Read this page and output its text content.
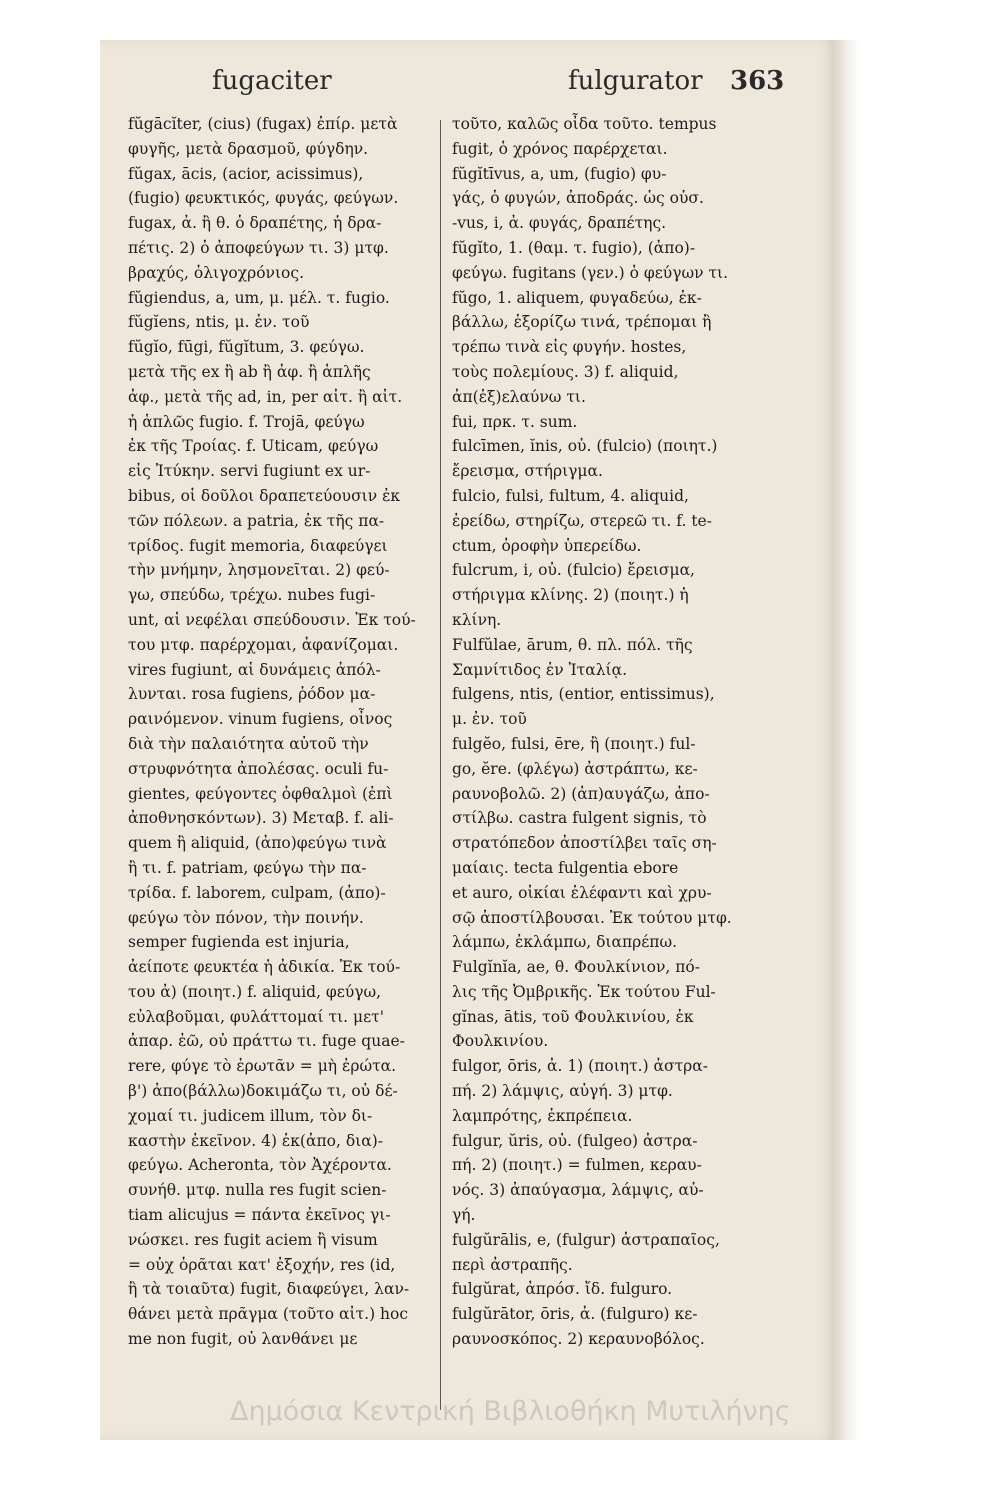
fugaciter	fulgurator 363
fŭgācĭter, (cius) (fugax) ἐπίρ. μετὰ
φυγῆς, μετὰ δρασμοῦ, φύγδην.
fŭgax, ācis, (acior, acissimus),
(fugio) φευκτικός, φυγάς, φεύγων.
fugax, ἀ. ἢ θ. ὁ δραπέτης, ἡ δρα-
πέτις. 2) ὁ ἀποφεύγων τι. 3) μτφ.
βραχύς, ὀλιγοχρόνιος.
fŭgiendus, a, um, μ. μέλ. τ. fugio.
fŭgĭens, ntis, μ. ἐν. τοῦ
fŭgĭo, fūgi, fŭgĭtum, 3. φεύγω.
μετὰ τῆς ex ἢ ab ἢ ἀφ. ἢ ἁπλῆς
ἀφ., μετὰ τῆς ad, in, per αἰτ. ἢ αἰτ.
ἡ ἁπλῶς fugio. f. Trojā, φεύγω
ἐκ τῆς Τροίας. f. Uticam, φεύγω
εἰς Ἰτύκην. servi fugiunt ex ur-
bibus, οἱ δοῦλοι δραπετεύουσιν ἐκ
τῶν πόλεων. a patria, ἐκ τῆς πα-
τρίδος. fugit memoria, διαφεύγει
τὴν μνήμην, λησμονεῖται. 2) φεύ-
γω, σπεύδω, τρέχω. nubes fugi-
unt, αἱ νεφέλαι σπεύδουσιν. Ἐκ τού-
του μτφ. παρέρχομαι, ἀφανίζομαι.
vires fugiunt, αἱ δυνάμεις ἀπόλ-
λυνται. rosa fugiens, ῥόδον μα-
ραινόμενον. vinum fugiens, οἶνος
διὰ τὴν παλαιότητα αὐτοῦ τὴν
στρυφνότητα ἀπολέσας. oculi fu-
gientes, φεύγοντες ὀφθαλμοὶ (ἐπὶ
ἀποθνησκόντων). 3) Μεταβ. f. ali-
quem ἢ aliquid, (ἀπο)φεύγω τινὰ
ἢ τι. f. patriam, φεύγω τὴν πα-
τρίδα. f. laborem, culpam, (ἀπο)-
φεύγω τὸν πόνον, τὴν ποινήν.
semper fugienda est injuria,
ἀείποτε φευκτέα ἡ ἀδικία. Ἐκ τού-
του ἀ) (ποιητ.) f. aliquid, φεύγω,
εὐλαβοῦμαι, φυλάττομαί τι. μετ'
ἀπαρ. ἐῶ, οὐ πράττω τι. fuge quae-
rere, φύγε τὸ ἐρωτᾶν = μὴ ἐρώτα.
β') ἀπο(βάλλω)δοκιμάζω τι, οὐ δέ-
χομαί τι. judicem illum, τὸν δι-
καστὴν ἐκεῖνον. 4) ἐκ(ἀπο, δια)-
φεύγω. Acheronta, τὸν Ἀχέροντα.
συνήθ. μτφ. nulla res fugit scien-
tiam alicujus = πάντα ἐκεῖνος γι-
νώσκει. res fugit aciem ἢ visum
= οὐχ ὁρᾶται κατ' ἐξοχήν, res (id,
ἢ τὰ τοιαῦτα) fugit, διαφεύγει, λαν-
θάνει μετὰ πρᾶγμα (τοῦτο αἰτ.) hoc
me non fugit, οὐ λανθάνει με
τοῦτο, καλῶς οἶδα τοῦτο. tempus
fugit, ὁ χρόνος παρέρχεται.
fŭgĭtīvus, a, um, (fugio) φυ-
γάς, ὁ φυγών, ἀποδράς. ὡς οὐσ.
-vus, i, ἀ. φυγάς, δραπέτης.
fŭgĭto, 1. (θαμ. τ. fugio), (ἀπο)-
φεύγω. fugitans (γεν.) ὁ φεύγων τι.
fŭgo, 1. aliquem, φυγαδεύω, ἐκ-
βάλλω, ἐξορίζω τινά, τρέπομαι ἢ
τρέπω τινὰ εἰς φυγήν. hostes,
τοὺς πολεμίους. 3) f. aliquid,
ἀπ(ἐξ)ελαύνω τι.
fui, πρκ. τ. sum.
fulcīmen, ĭnis, οὐ. (fulcio) (ποιητ.)
ἔρεισμα, στήριγμα.
fulcio, fulsi, fultum, 4. aliquid,
ἐρείδω, στηρίζω, στερεῶ τι. f. te-
ctum, ὀροφὴν ὑπερείδω.
fulcrum, i, οὐ. (fulcio) ἔρεισμα,
στήριγμα κλίνης. 2) (ποιητ.) ἡ
κλίνη.
Fulfŭlae, ārum, θ. πλ. πόλ. τῆς
Σαμνίτιδος ἐν Ἰταλίᾳ.
fulgens, ntis, (entior, entissimus),
μ. ἐν. τοῦ
fulgĕo, fulsi, ēre, ἢ (ποιητ.) ful-
go, ĕre. (φλέγω) ἀστράπτω, κε-
ραυνοβολῶ. 2) (ἀπ)αυγάζω, ἀπο-
στίλβω. castra fulgent signis, τὸ
στρατόπεδον ἀποστίλβει ταῖς ση-
μαίαις. tecta fulgentia ebore
et auro, οἰκίαι ἐλέφαντι καὶ χρυ-
σῷ ἀποστίλβουσαι. Ἐκ τούτου μτφ.
λάμπω, ἐκλάμπω, διαπρέπω.
Fulgĭnĭa, ae, θ. Φουλκίνιον, πό-
λις τῆς Ὀμβρικῆς. Ἐκ τούτου Ful-
gĭnas, ātis, τοῦ Φουλκινίου, ἐκ
Φουλκινίου.
fulgor, ōris, ἀ. 1) (ποιητ.) ἀστρα-
πή. 2) λάμψις, αὐγή. 3) μτφ.
λαμπρότης, ἐκπρέπεια.
fulgur, ŭris, οὐ. (fulgeo) ἀστρα-
πή. 2) (ποιητ.) = fulmen, κεραυ-
νός. 3) ἀπαύγασμα, λάμψις, αὐ-
γή.
fulgŭrālis, e, (fulgur) ἀστραπαῖος,
περὶ ἀστραπῆς.
fulgŭrat, ἀπρόσ. ἴδ. fulguro.
fulgŭrātor, ōris, ἀ. (fulguro) κε-
ραυνοσκόπος. 2) κεραυνοβόλος.
Δημόσια Κεντρική Βιβλιοθήκη Μυτιλήνης
